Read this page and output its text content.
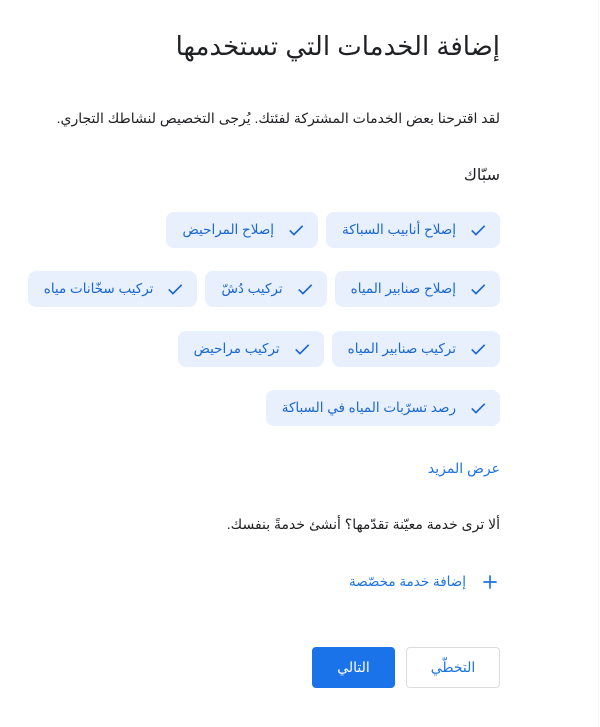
إضافة الخدمات التي تستخدمها

لقد اقترحنا بعض الخدمات المشتركة لفئتك. يُرجى التخصيص لنشاطك التجاري.

سبّاك
إصلاح أنابيب السباكة
إصلاح المراحيض
إصلاح صنابير المياه
تركيب دُشّ
تركيب سخّانات مياه
تركيب صنابير المياه
تركيب مراحيض
رصد تسرّبات المياه في السباكة
عرض المزيد

ألا ترى خدمة معيّنة تقدّمها؟ أنشئ خدمةً بنفسك.

إضافة خدمة مخصّصة
التخطّي
التالي
